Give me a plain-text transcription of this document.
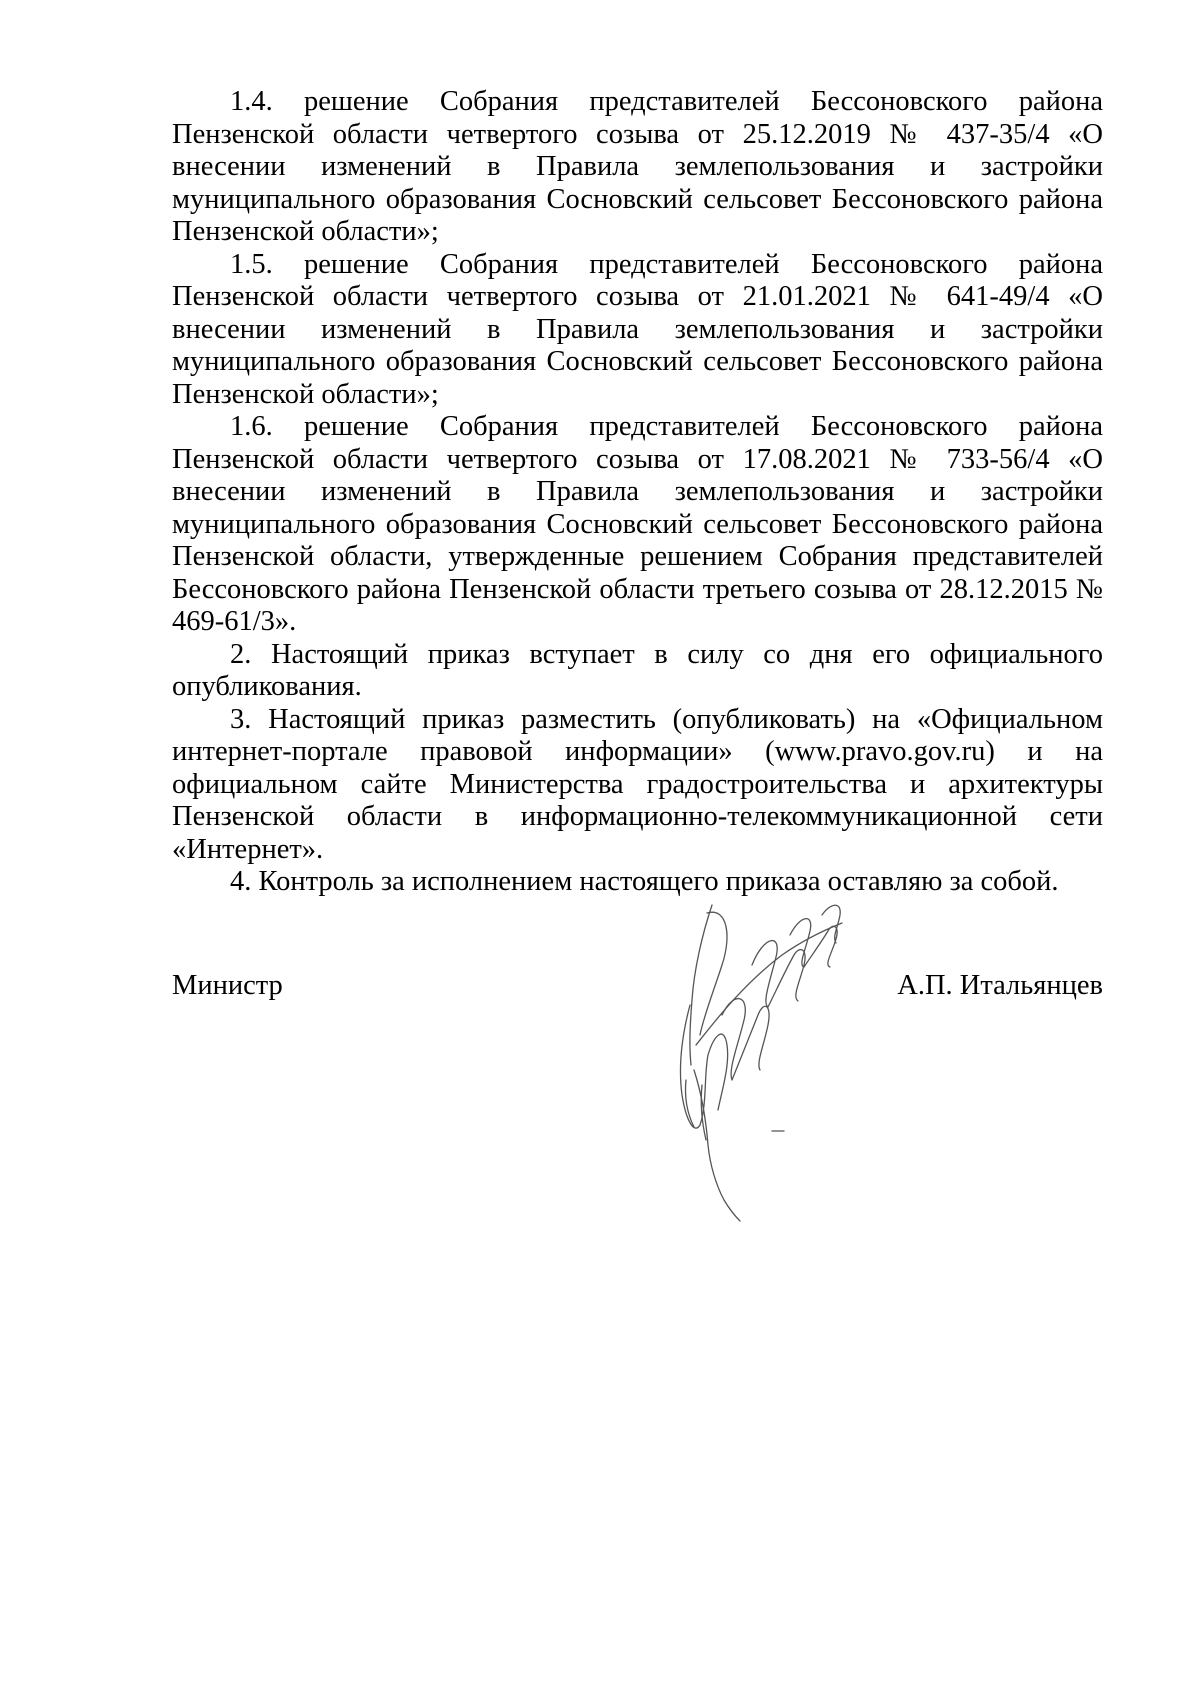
1.4. решение Собрания представителей Бессоновского района Пензенской области четвертого созыва от 25.12.2019 № 437-35/4 «О внесении изменений в Правила землепользования и застройки муниципального образования Сосновский сельсовет Бессоновского района Пензенской области»;

1.5. решение Собрания представителей Бессоновского района Пензенской области четвертого созыва от 21.01.2021 № 641-49/4 «О внесении изменений в Правила землепользования и застройки муниципального образования Сосновский сельсовет Бессоновского района Пензенской области»;

1.6. решение Собрания представителей Бессоновского района Пензенской области четвертого созыва от 17.08.2021 № 733-56/4 «О внесении изменений в Правила землепользования и застройки муниципального образования Сосновский сельсовет Бессоновского района Пензенской области, утвержденные решением Собрания представителей Бессоновского района Пензенской области третьего созыва от 28.12.2015 № 469-61/3».

2. Настоящий приказ вступает в силу со дня его официального опубликования.

3. Настоящий приказ разместить (опубликовать) на «Официальном интернет-портале правовой информации» (www.pravo.gov.ru) и на официальном сайте Министерства градостроительства и архитектуры Пензенской области в информационно-телекоммуникационной сети «Интернет».

4. Контроль за исполнением настоящего приказа оставляю за собой.

Министр	А.П. Итальянцев
